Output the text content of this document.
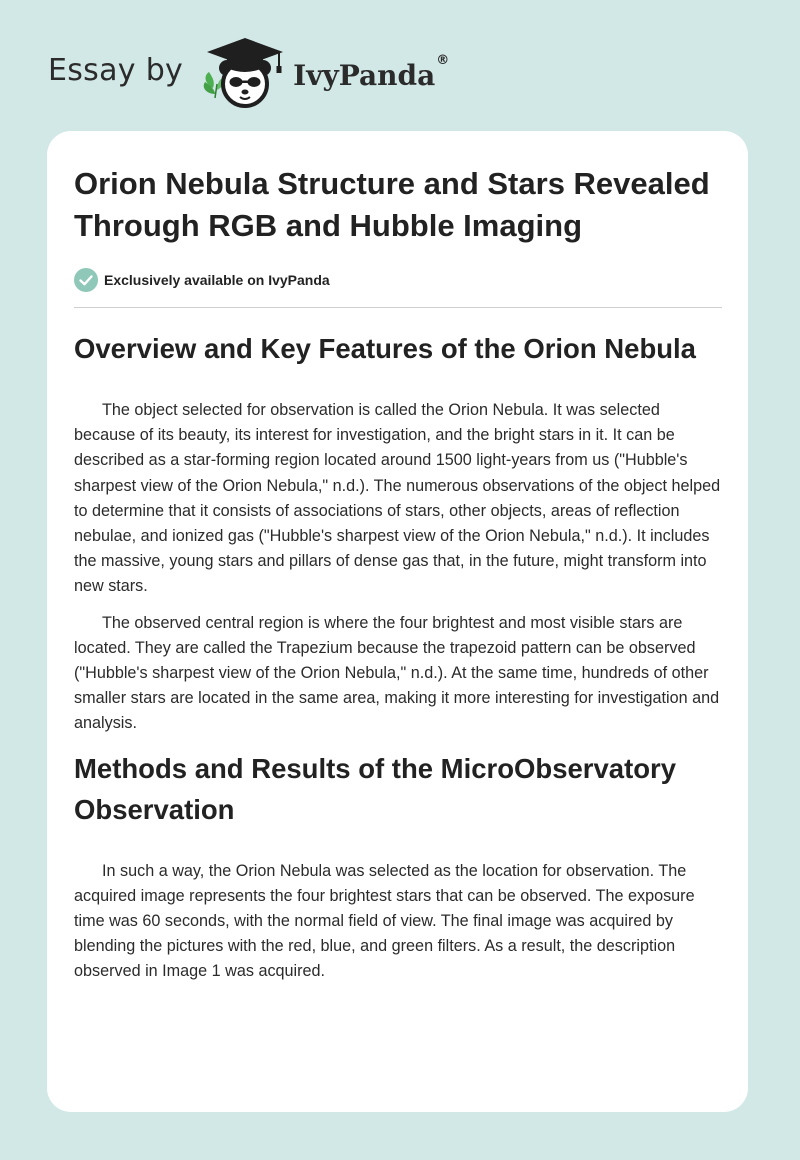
Essay by	IvyPanda®
Orion Nebula Structure and Stars Revealed Through RGB and Hubble Imaging
Exclusively available on IvyPanda
Overview and Key Features of the Orion Nebula

The object selected for observation is called the Orion Nebula. It was selected because of its beauty, its interest for investigation, and the bright stars in it. It can be described as a star-forming region located around 1500 light-years from us ("Hubble's sharpest view of the Orion Nebula," n.d.). The numerous observations of the object helped to determine that it consists of associations of stars, other objects, areas of reflection nebulae, and ionized gas ("Hubble's sharpest view of the Orion Nebula," n.d.). It includes the massive, young stars and pillars of dense gas that, in the future, might transform into new stars.

The observed central region is where the four brightest and most visible stars are located. They are called the Trapezium because the trapezoid pattern can be observed ("Hubble's sharpest view of the Orion Nebula," n.d.). At the same time, hundreds of other smaller stars are located in the same area, making it more interesting for investigation and analysis.

Methods and Results of the MicroObservatory Observation

In such a way, the Orion Nebula was selected as the location for observation. The acquired image represents the four brightest stars that can be observed. The exposure time was 60 seconds, with the normal field of view. The final image was acquired by blending the pictures with the red, blue, and green filters. As a result, the description observed in Image 1 was acquired.
